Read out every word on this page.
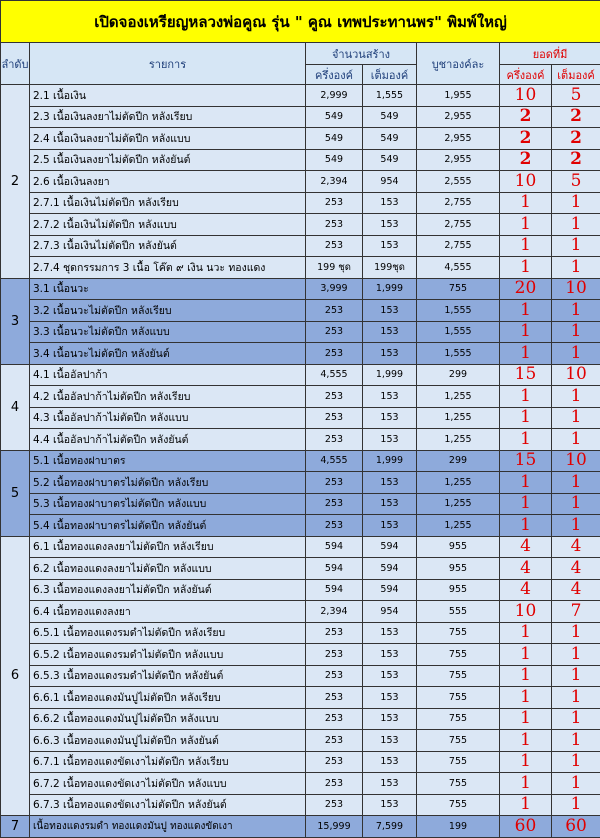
เปิดจองเหรียญหลวงพ่อคูณ รุ่น " คูณ เทพประทานพร" พิมพ์ใหญ่						
ลำดับ	รายการ	จำนวนสร้าง		บูชาองค์ละ	ยอดที่มี	
		ครึ่งองค์	เต็มองค์		ครึ่งองค์	เต็มองค์
2	2.1 เนื้อเงิน	2,999	1,555	1,955	10	5
	2.3 เนื้อเงินลงยาไม่ตัดปีก หลังเรียบ	549	549	2,955	2	2
	2.4 เนื้อเงินลงยาไม่ตัดปีก หลังแบบ	549	549	2,955	2	2
	2.5 เนื้อเงินลงยาไม่ตัดปีก หลังยันต์	549	549	2,955	2	2
	2.6 เนื้อเงินลงยา	2,394	954	2,555	10	5
	2.7.1 เนื้อเงินไม่ตัดปีก หลังเรียบ	253	153	2,755	1	1
	2.7.2 เนื้อเงินไม่ตัดปีก หลังแบบ	253	153	2,755	1	1
	2.7.3 เนื้อเงินไม่ตัดปีก หลังยันต์	253	153	2,755	1	1
	2.7.4 ชุดกรรมการ 3 เนื้อ โค๊ต ๙ เงิน นวะ ทองแดง	199 ชุด	199ชุด	4,555	1	1
3	3.1 เนื้อนวะ	3,999	1,999	755	20	10
	3.2 เนื้อนวะไม่ตัดปีก หลังเรียบ	253	153	1,555	1	1
	3.3 เนื้อนวะไม่ตัดปีก หลังแบบ	253	153	1,555	1	1
	3.4 เนื้อนวะไม่ตัดปีก หลังยันต์	253	153	1,555	1	1
4	4.1 เนื้ออัลปาก้า	4,555	1,999	299	15	10
	4.2 เนื้ออัลปาก้าไม่ตัดปีก หลังเรียบ	253	153	1,255	1	1
	4.3 เนื้ออัลปาก้าไม่ตัดปีก หลังแบบ	253	153	1,255	1	1
	4.4 เนื้ออัลปาก้าไม่ตัดปีก หลังยันต์	253	153	1,255	1	1
5	5.1 เนื้อทองฝาบาตร	4,555	1,999	299	15	10
	5.2 เนื้อทองฝาบาตรไม่ตัดปีก หลังเรียบ	253	153	1,255	1	1
	5.3 เนื้อทองฝาบาตรไม่ตัดปีก หลังแบบ	253	153	1,255	1	1
	5.4 เนื้อทองฝาบาตรไม่ตัดปีก หลังยันต์	253	153	1,255	1	1
6	6.1 เนื้อทองแดงลงยาไม่ตัดปีก หลังเรียบ	594	594	955	4	4
	6.2 เนื้อทองแดงลงยาไม่ตัดปีก หลังแบบ	594	594	955	4	4
	6.3 เนื้อทองแดงลงยาไม่ตัดปีก หลังยันต์	594	594	955	4	4
	6.4 เนื้อทองแดงลงยา	2,394	954	555	10	7
	6.5.1 เนื้อทองแดงรมดำไม่ตัดปีก หลังเรียบ	253	153	755	1	1
	6.5.2 เนื้อทองแดงรมดำไม่ตัดปีก หลังแบบ	253	153	755	1	1
	6.5.3 เนื้อทองแดงรมดำไม่ตัดปีก หลังยันต์	253	153	755	1	1
	6.6.1 เนื้อทองแดงมันปูไม่ตัดปีก หลังเรียบ	253	153	755	1	1
	6.6.2 เนื้อทองแดงมันปูไม่ตัดปีก หลังแบบ	253	153	755	1	1
	6.6.3 เนื้อทองแดงมันปูไม่ตัดปีก หลังยันต์	253	153	755	1	1
	6.7.1 เนื้อทองแดงขัดเงาไม่ตัดปีก หลังเรียบ	253	153	755	1	1
	6.7.2 เนื้อทองแดงขัดเงาไม่ตัดปีก หลังแบบ	253	153	755	1	1
	6.7.3 เนื้อทองแดงขัดเงาไม่ตัดปีก หลังยันต์	253	153	755	1	1
7	เนื้อทองแดงรมดำ ทองแดงมันปู ทองแดงขัดเงา	15,999	7,599	199	60	60
